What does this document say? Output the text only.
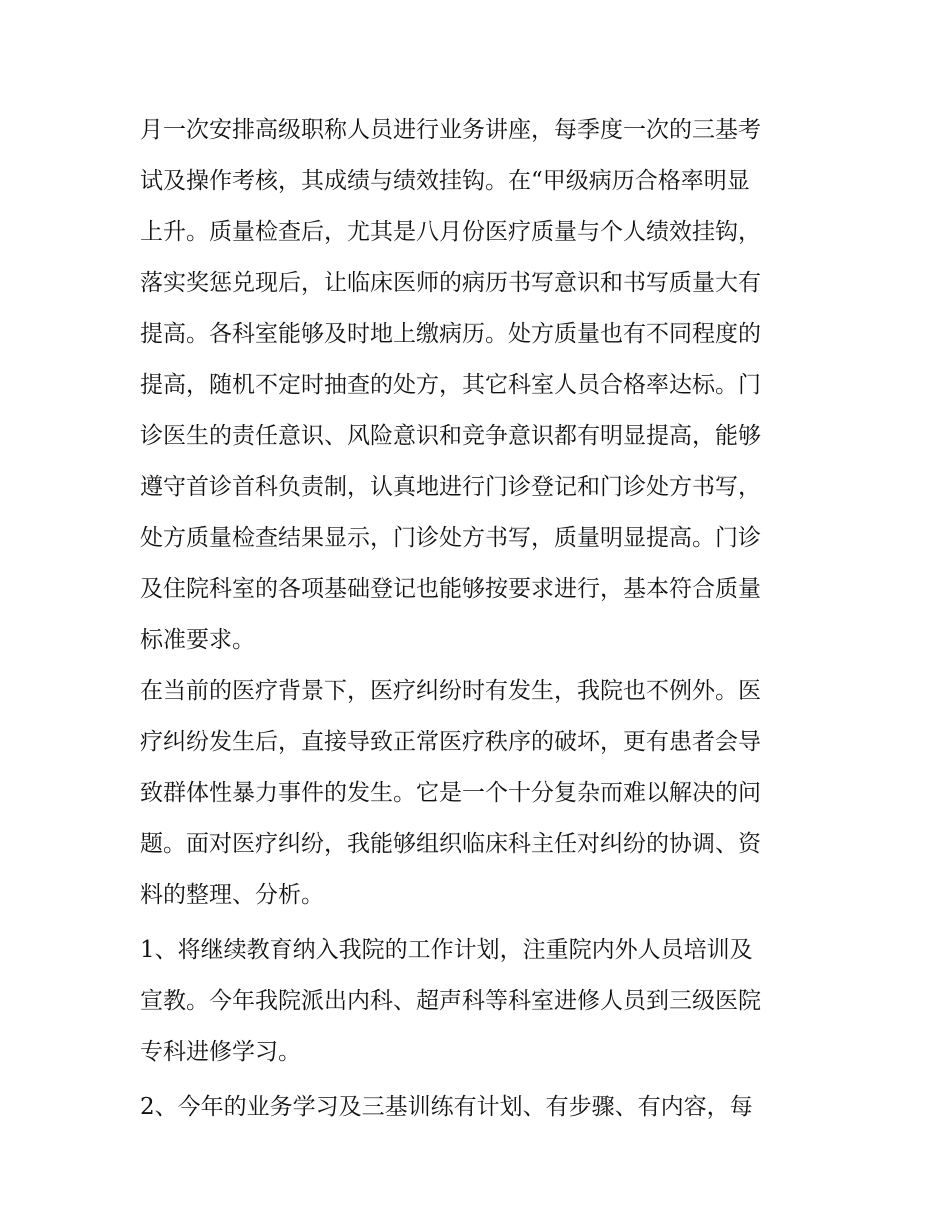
月一次安排高级职称人员进行业务讲座，每季度一次的三基考
试及操作考核，其成绩与绩效挂钩。在“甲级病历合格率明显
上升。质量检查后，尤其是八月份医疗质量与个人绩效挂钩，
落实奖惩兑现后，让临床医师的病历书写意识和书写质量大有
提高。各科室能够及时地上缴病历。处方质量也有不同程度的
提高，随机不定时抽查的处方，其它科室人员合格率达标。门
诊医生的责任意识、风险意识和竞争意识都有明显提高，能够
遵守首诊首科负责制，认真地进行门诊登记和门诊处方书写，
处方质量检查结果显示，门诊处方书写，质量明显提高。门诊
及住院科室的各项基础登记也能够按要求进行，基本符合质量
标准要求。
在当前的医疗背景下，医疗纠纷时有发生，我院也不例外。医
疗纠纷发生后，直接导致正常医疗秩序的破坏，更有患者会导
致群体性暴力事件的发生。它是一个十分复杂而难以解决的问
题。面对医疗纠纷，我能够组织临床科主任对纠纷的协调、资
料的整理、分析。
1、将继续教育纳入我院的工作计划，注重院内外人员培训及
宣教。今年我院派出内科、超声科等科室进修人员到三级医院
专科进修学习。
2、今年的业务学习及三基训练有计划、有步骤、有内容，每
